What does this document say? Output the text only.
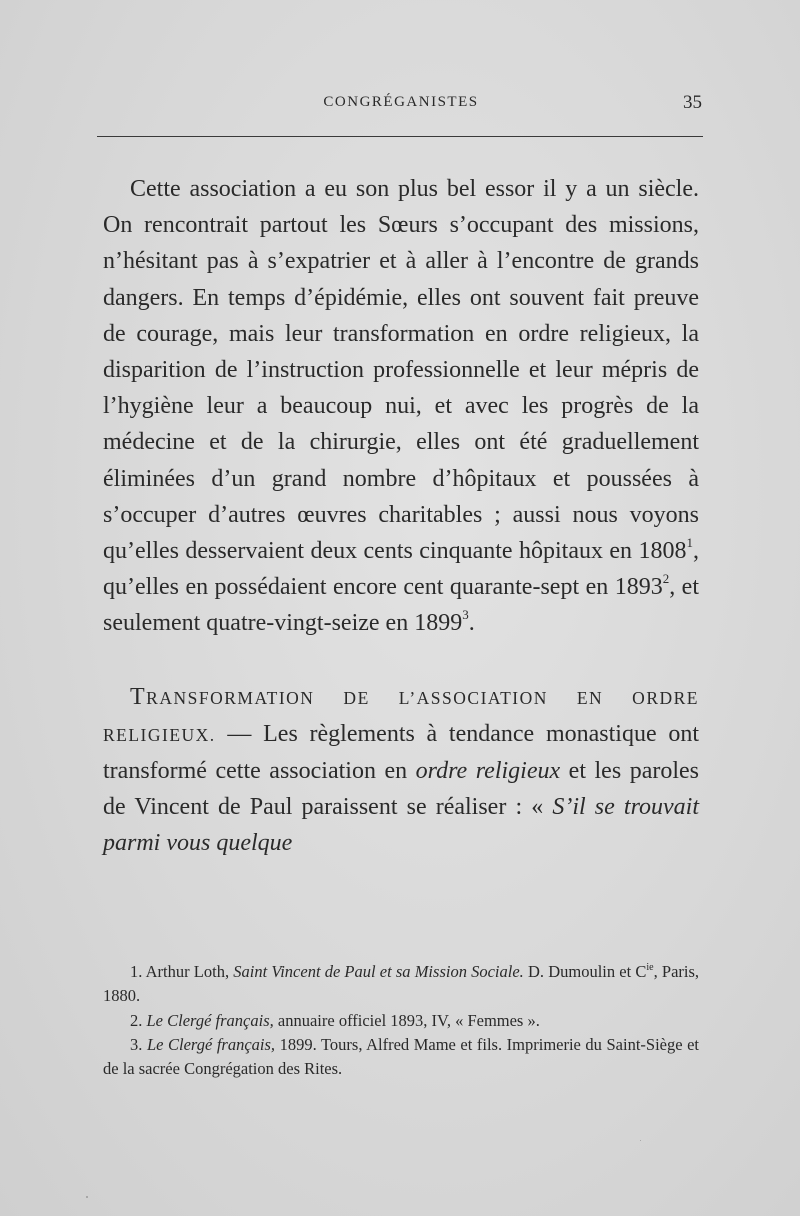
CONGRÉGANISTES	35

Cette association a eu son plus bel essor il y a un siècle. On rencontrait partout les Sœurs s’occupant des missions, n’hésitant pas à s’expatrier et à aller à l’encontre de grands dangers. En temps d’épidémie, elles ont souvent fait preuve de courage, mais leur transformation en ordre religieux, la disparition de l’instruction professionnelle et leur mépris de l’hygiène leur a beaucoup nui, et avec les progrès de la médecine et de la chirurgie, elles ont été graduellement éliminées d’un grand nombre d’hôpitaux et poussées à s’occuper d’autres œuvres charitables ; aussi nous voyons qu’elles desservaient deux cents cinquante hôpitaux en 1808$^1$, qu’elles en possédaient encore cent quarante-sept en 1893$^2$, et seulement quatre-vingt-seize en 1899$^3$.

TRANSFORMATION DE L’ASSOCIATION EN ORDRE RELIGIEUX. — Les règlements à tendance monastique ont transformé cette association en ordre religieux et les paroles de Vincent de Paul paraissent se réaliser : « S’il se trouvait parmi vous quelque

1. Arthur Loth, Saint Vincent de Paul et sa Mission Sociale. D. Dumoulin et $C^{ie}$, Paris, 1880.

2. Le Clergé français, annuaire officiel 1893, IV, « Femmes ».

3. Le Clergé français, 1899. Tours, Alfred Mame et fils. Imprimerie du Saint-Siège et de la sacrée Congrégation des Rites.
